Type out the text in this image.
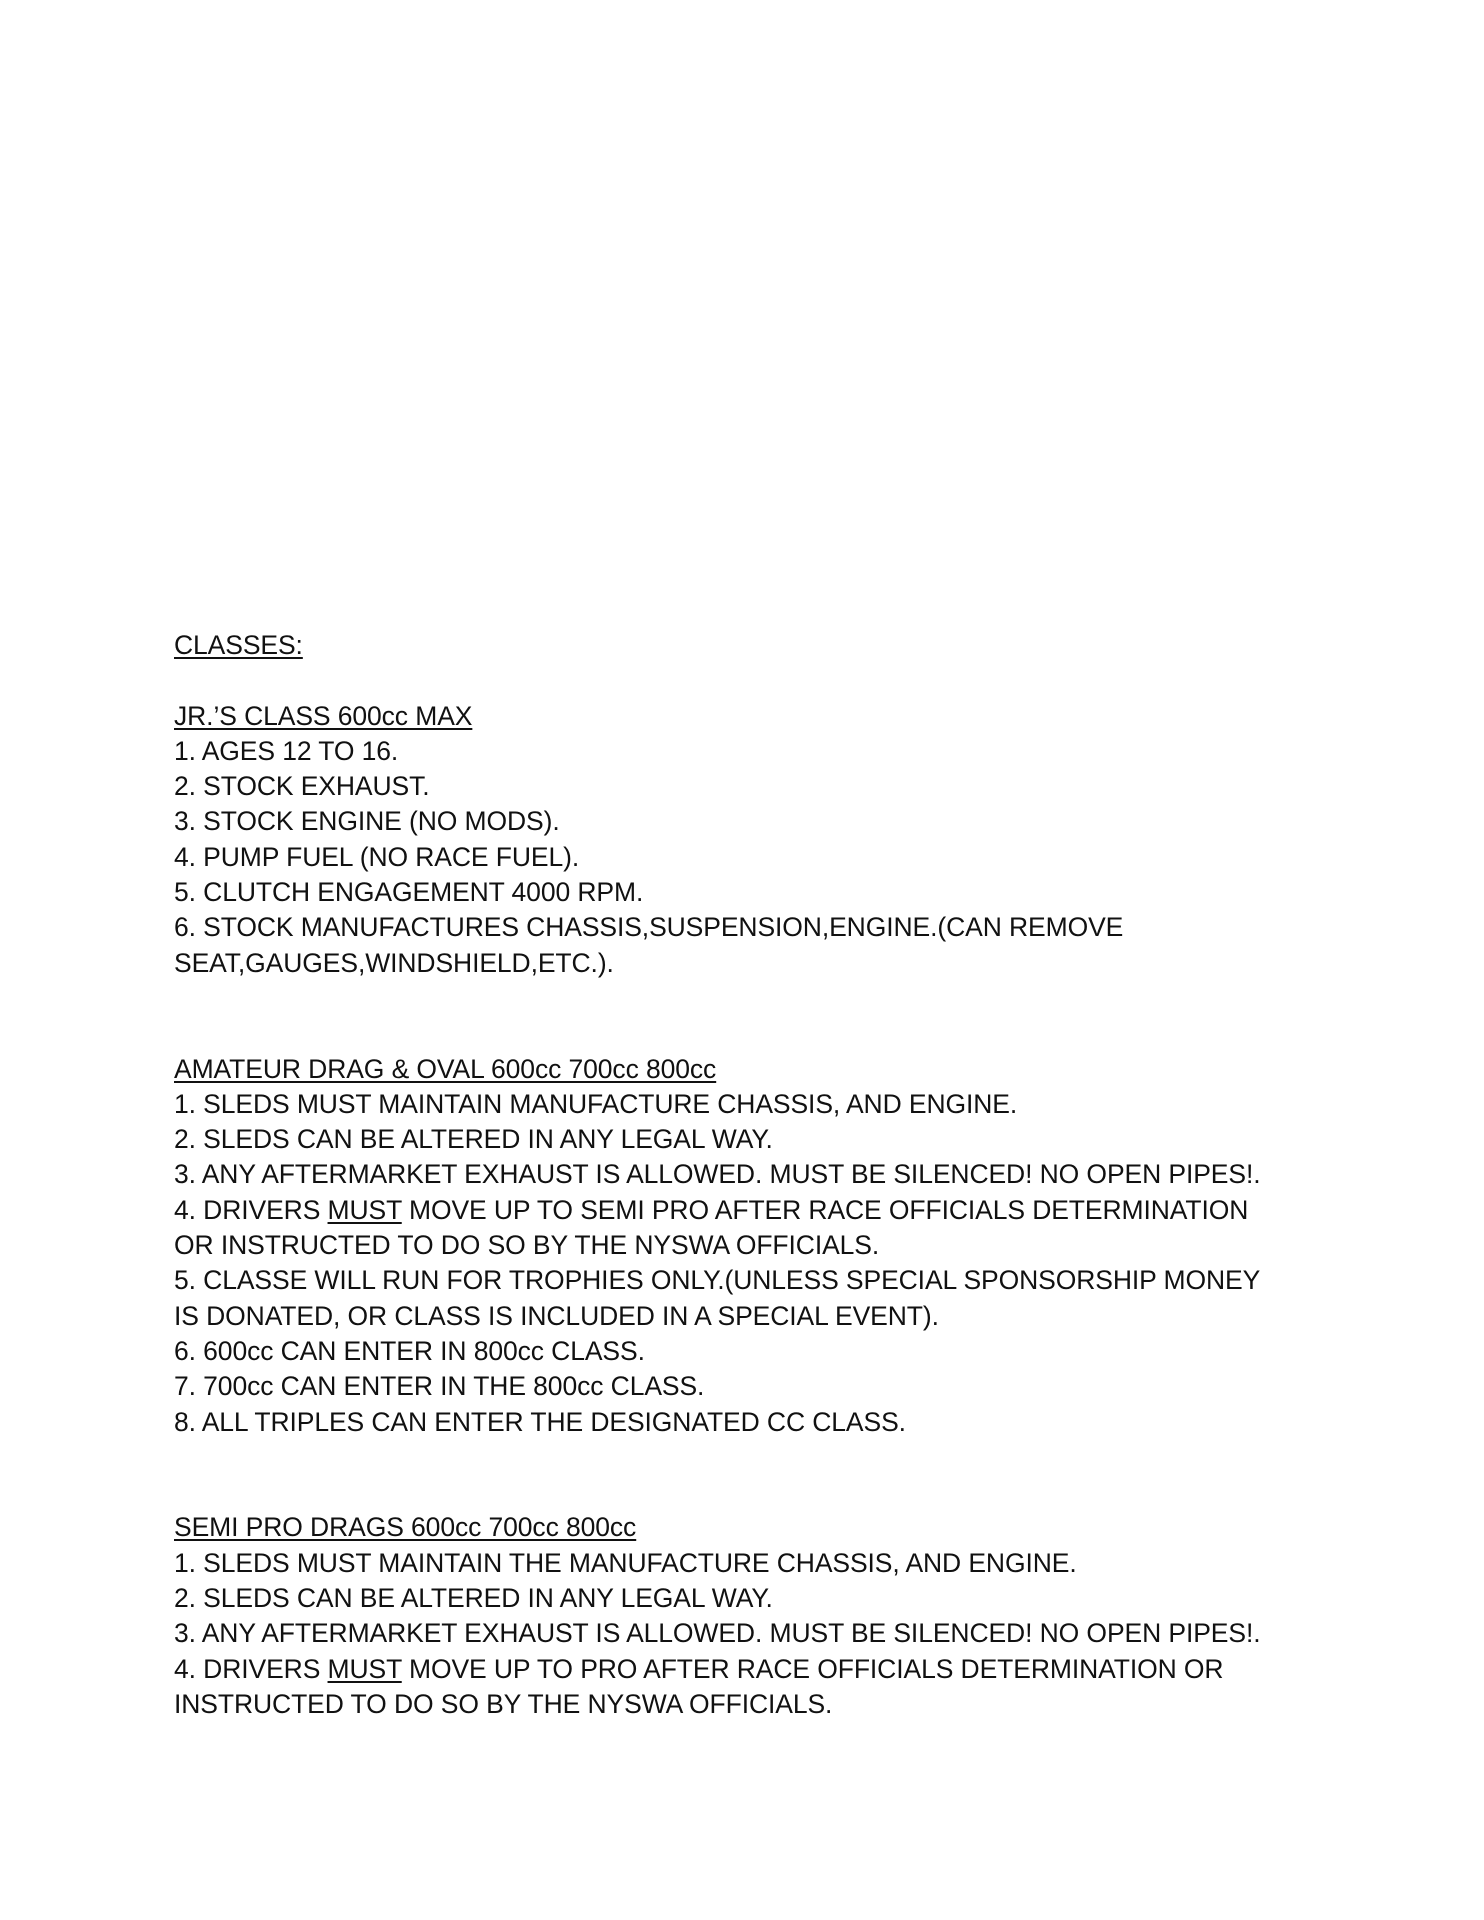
CLASSES:
JR.’S CLASS 600cc MAX
1. AGES 12 TO 16.
2. STOCK EXHAUST.
3. STOCK ENGINE (NO MODS).
4. PUMP FUEL (NO RACE FUEL).
5. CLUTCH ENGAGEMENT 4000 RPM.
6. STOCK MANUFACTURES CHASSIS,SUSPENSION,ENGINE.(CAN REMOVE
SEAT,GAUGES,WINDSHIELD,ETC.).
AMATEUR DRAG & OVAL 600cc 700cc 800cc
1. SLEDS MUST MAINTAIN MANUFACTURE CHASSIS, AND ENGINE.
2. SLEDS CAN BE ALTERED IN ANY LEGAL WAY.
3. ANY AFTERMARKET EXHAUST IS ALLOWED. MUST BE SILENCED! NO OPEN PIPES!.
4. DRIVERS MUST MOVE UP TO SEMI PRO AFTER RACE OFFICIALS DETERMINATION
OR INSTRUCTED TO DO SO BY THE NYSWA OFFICIALS.
5. CLASSE WILL RUN FOR TROPHIES ONLY.(UNLESS SPECIAL SPONSORSHIP MONEY
IS DONATED, OR CLASS IS INCLUDED IN A SPECIAL EVENT).
6. 600cc CAN ENTER IN 800cc CLASS.
7. 700cc CAN ENTER IN THE 800cc CLASS.
8. ALL TRIPLES CAN ENTER THE DESIGNATED CC CLASS.
SEMI PRO DRAGS 600cc 700cc 800cc
1. SLEDS MUST MAINTAIN THE MANUFACTURE CHASSIS, AND ENGINE.
2. SLEDS CAN BE ALTERED IN ANY LEGAL WAY.
3. ANY AFTERMARKET EXHAUST IS ALLOWED. MUST BE SILENCED! NO OPEN PIPES!.
4. DRIVERS MUST MOVE UP TO PRO AFTER RACE OFFICIALS DETERMINATION OR
INSTRUCTED TO DO SO BY THE NYSWA OFFICIALS.
